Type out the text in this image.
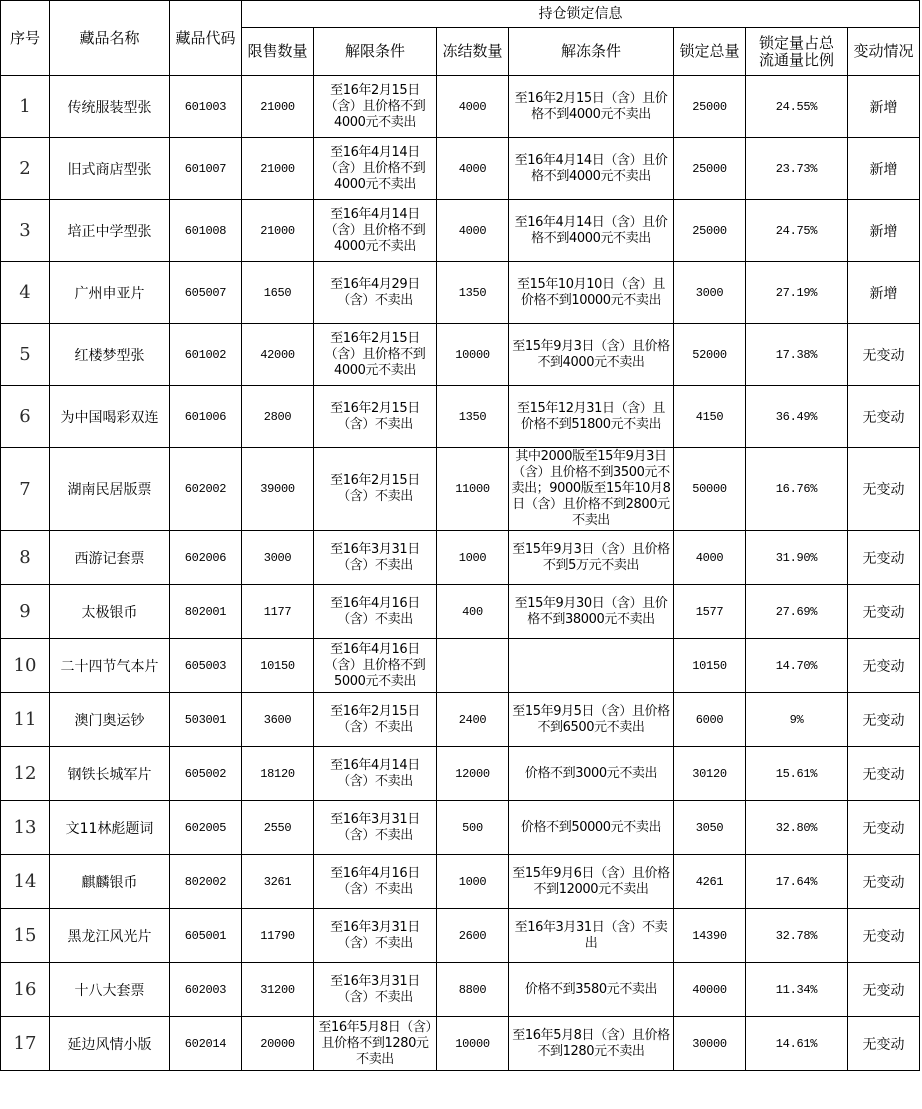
序号	藏品名称	藏品代码	持仓锁定信息						
			限售数量	解限条件	冻结数量	解冻条件	锁定总量	锁定量占总流通量比例	变动情况
1	传统服装型张	601003	21000	至16年2月15日（含）且价格不到4000元不卖出	4000	至16年2月15日（含）且价格不到4000元不卖出	25000	24.55%	新增
2	旧式商店型张	601007	21000	至16年4月14日（含）且价格不到4000元不卖出	4000	至16年4月14日（含）且价格不到4000元不卖出	25000	23.73%	新增
3	培正中学型张	601008	21000	至16年4月14日（含）且价格不到4000元不卖出	4000	至16年4月14日（含）且价格不到4000元不卖出	25000	24.75%	新增
4	广州申亚片	605007	1650	至16年4月29日（含）不卖出	1350	至15年10月10日（含）且价格不到10000元不卖出	3000	27.19%	新增
5	红楼梦型张	601002	42000	至16年2月15日（含）且价格不到4000元不卖出	10000	至15年9月3日（含）且价格不到4000元不卖出	52000	17.38%	无变动
6	为中国喝彩双连	601006	2800	至16年2月15日（含）不卖出	1350	至15年12月31日（含）且价格不到51800元不卖出	4150	36.49%	无变动
7	湖南民居版票	602002	39000	至16年2月15日（含）不卖出	11000	其中2000版至15年9月3日（含）且价格不到3500元不卖出；9000版至15年10月8日（含）且价格不到2800元不卖出	50000	16.76%	无变动
8	西游记套票	602006	3000	至16年3月31日（含）不卖出	1000	至15年9月3日（含）且价格不到5万元不卖出	4000	31.90%	无变动
9	太极银币	802001	1177	至16年4月16日（含）不卖出	400	至15年9月30日（含）且价格不到38000元不卖出	1577	27.69%	无变动
10	二十四节气本片	605003	10150	至16年4月16日（含）且价格不到5000元不卖出			10150	14.70%	无变动
11	澳门奥运钞	503001	3600	至16年2月15日（含）不卖出	2400	至15年9月5日（含）且价格不到6500元不卖出	6000	9%	无变动
12	钢铁长城军片	605002	18120	至16年4月14日（含）不卖出	12000	价格不到3000元不卖出	30120	15.61%	无变动
13	文11林彪题词	602005	2550	至16年3月31日（含）不卖出	500	价格不到50000元不卖出	3050	32.80%	无变动
14	麒麟银币	802002	3261	至16年4月16日（含）不卖出	1000	至15年9月6日（含）且价格不到12000元不卖出	4261	17.64%	无变动
15	黑龙江风光片	605001	11790	至16年3月31日（含）不卖出	2600	至16年3月31日（含）不卖出	14390	32.78%	无变动
16	十八大套票	602003	31200	至16年3月31日（含）不卖出	8800	价格不到3580元不卖出	40000	11.34%	无变动
17	延边风情小版	602014	20000	至16年5月8日（含）且价格不到1280元不卖出	10000	至16年5月8日（含）且价格不到1280元不卖出	30000	14.61%	无变动
